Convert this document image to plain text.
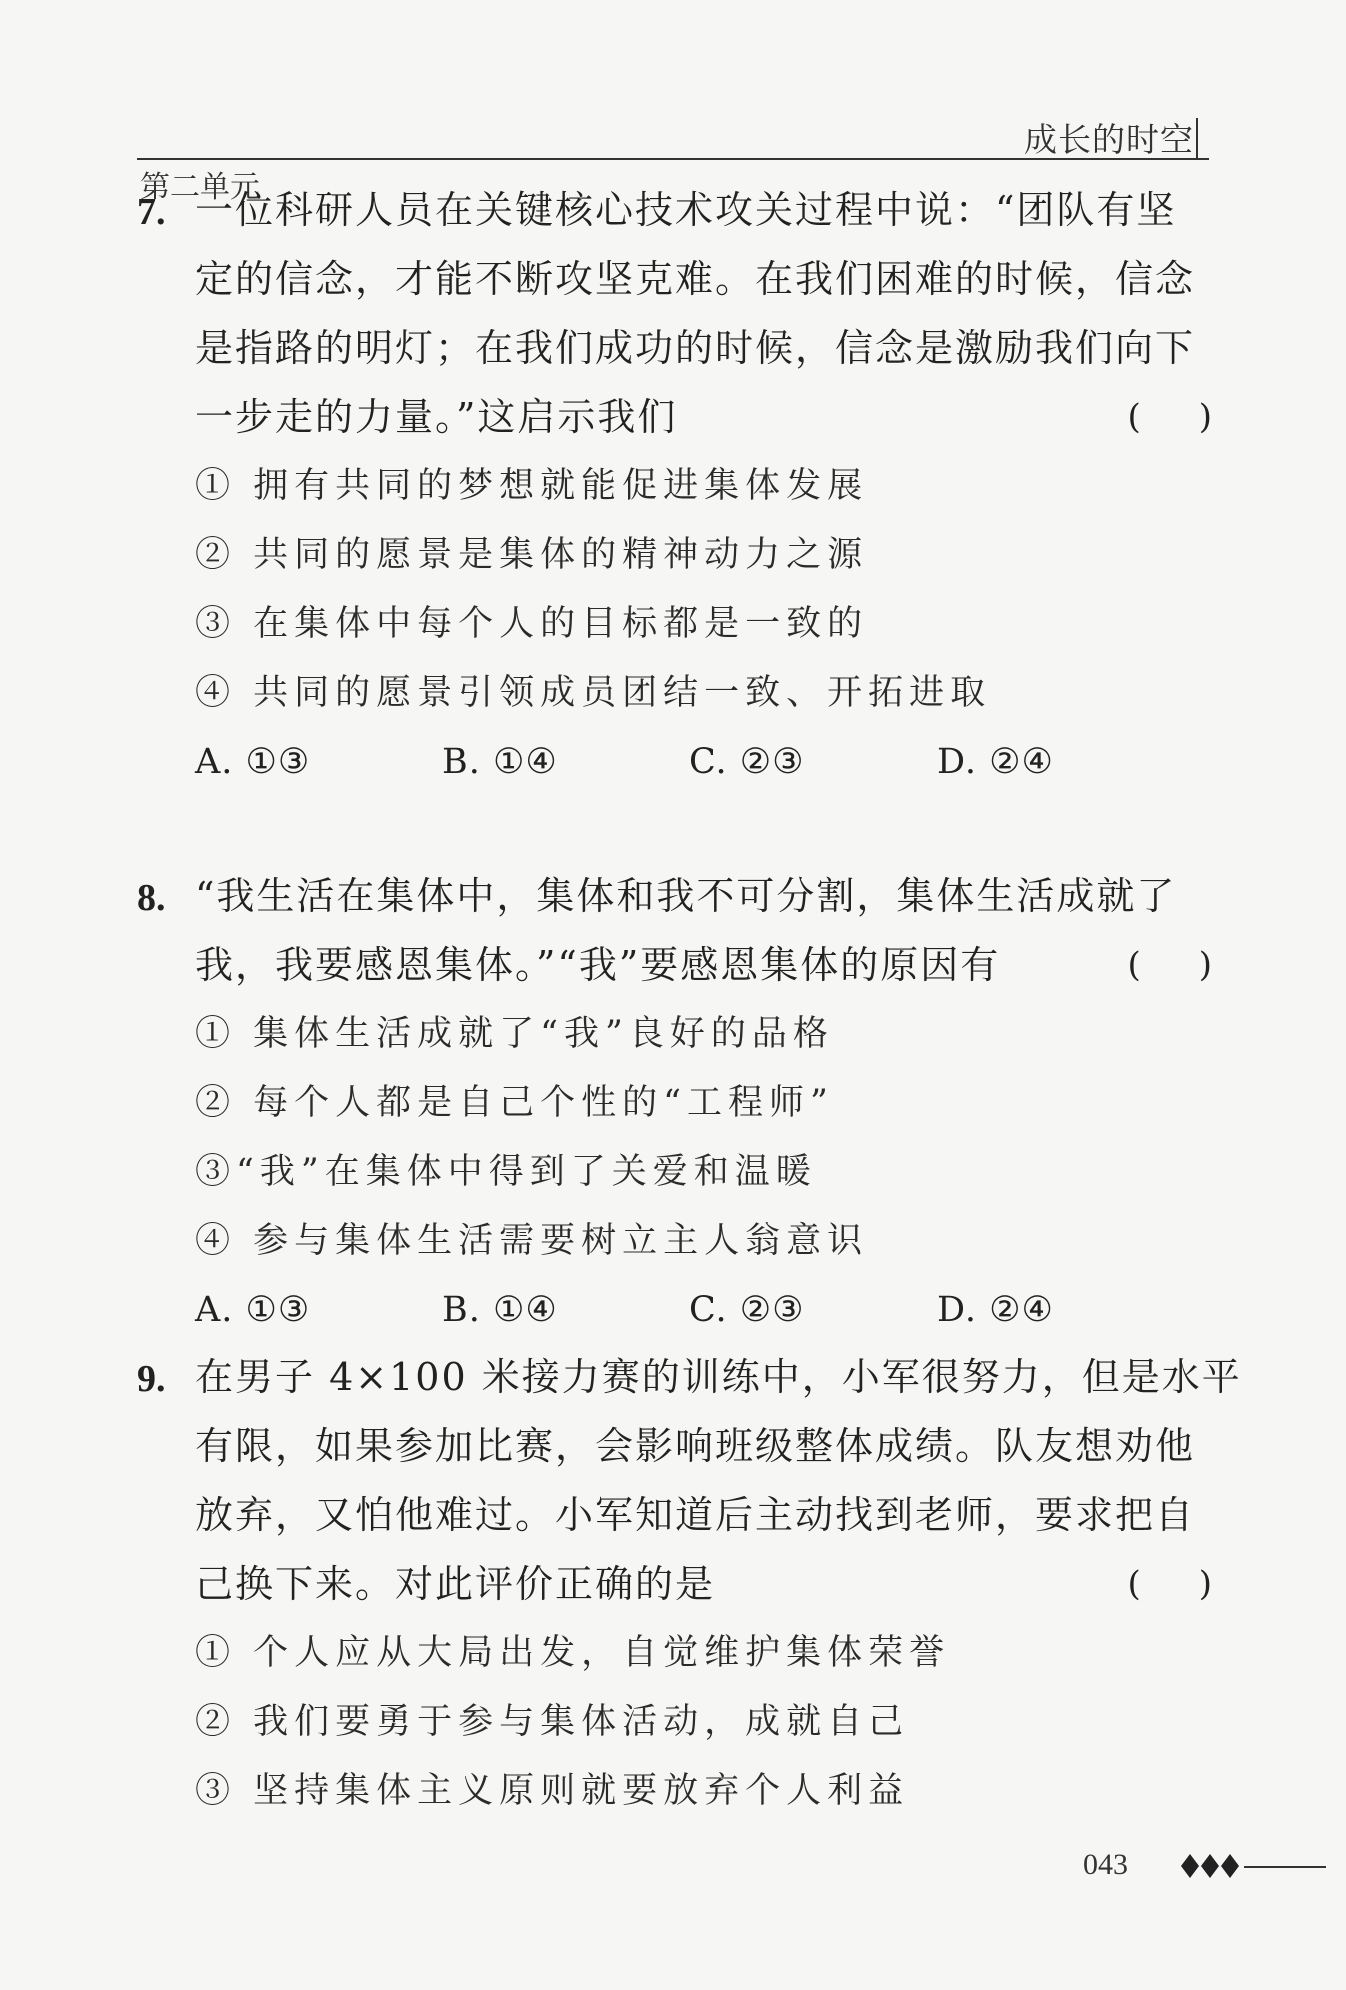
成长的时空
第二单元
7. 一位科研人员在关键核心技术攻关过程中说：“团队有坚
定的信念，才能不断攻坚克难。在我们困难的时候，信念
是指路的明灯；在我们成功的时候，信念是激励我们向下
一步走的力量。”这启示我们	( )
① 拥有共同的梦想就能促进集体发展
② 共同的愿景是集体的精神动力之源
③ 在集体中每个人的目标都是一致的
④ 共同的愿景引领成员团结一致、开拓进取
A. ①③	B. ①④	C. ②③	D. ②④
8. “我生活在集体中，集体和我不可分割，集体生活成就了
我，我要感恩集体。”“我”要感恩集体的原因有	( )
① 集体生活成就了“我”良好的品格
② 每个人都是自己个性的“工程师”
③“我”在集体中得到了关爱和温暖
④ 参与集体生活需要树立主人翁意识
A. ①③	B. ①④	C. ②③	D. ②④
9. 在男子 4×100 米接力赛的训练中，小军很努力，但是水平
有限，如果参加比赛，会影响班级整体成绩。队友想劝他
放弃，又怕他难过。小军知道后主动找到老师，要求把自
己换下来。对此评价正确的是	( )
① 个人应从大局出发，自觉维护集体荣誉
② 我们要勇于参与集体活动，成就自己
③ 坚持集体主义原则就要放弃个人利益
043
